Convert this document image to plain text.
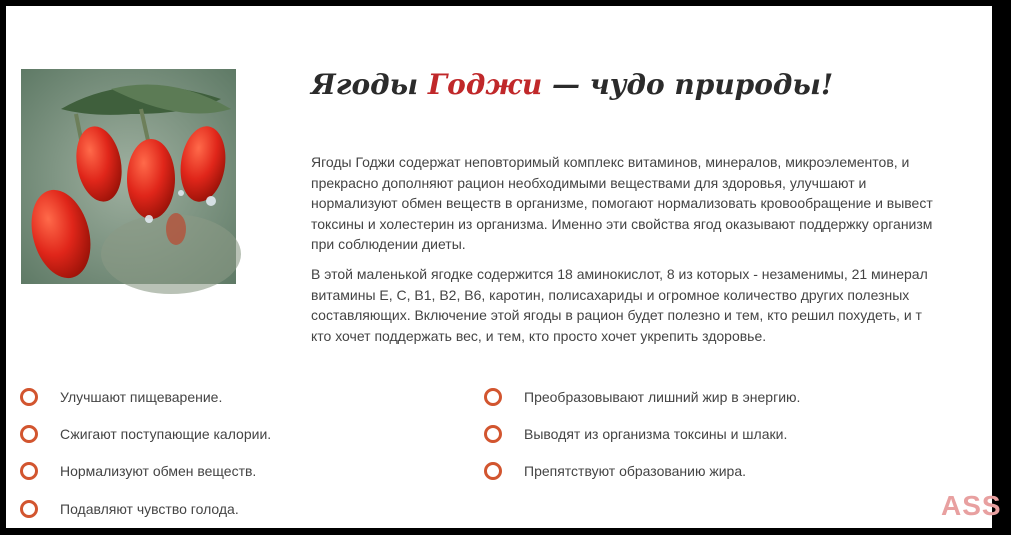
Ягоды Годжи — чудо природы!

Ягоды Годжи содержат неповторимый комплекс витаминов, минералов, микроэлементов, и
прекрасно дополняют рацион необходимыми веществами для здоровья, улучшают и
нормализуют обмен веществ в организме, помогают нормализовать кровообращение и вывест
токсины и холестерин из организма. Именно эти свойства ягод оказывают поддержку организм
при соблюдении диеты.

В этой маленькой ягодке содержится 18 аминокислот, 8 из которых - незаменимы, 21 минерал
витамины Е, С, В1, В2, В6, каротин, полисахариды и огромное количество других полезных
составляющих. Включение этой ягоды в рацион будет полезно и тем, кто решил похудеть, и т
кто хочет поддержать вес, и тем, кто просто хочет укрепить здоровье.

Улучшают пищеварение.
Сжигают поступающие калории.
Нормализуют обмен веществ.
Подавляют чувство голода.
Преобразовывают лишний жир в энергию.
Выводят из организма токсины и шлаки.
Препятствуют образованию жира.
ASS
